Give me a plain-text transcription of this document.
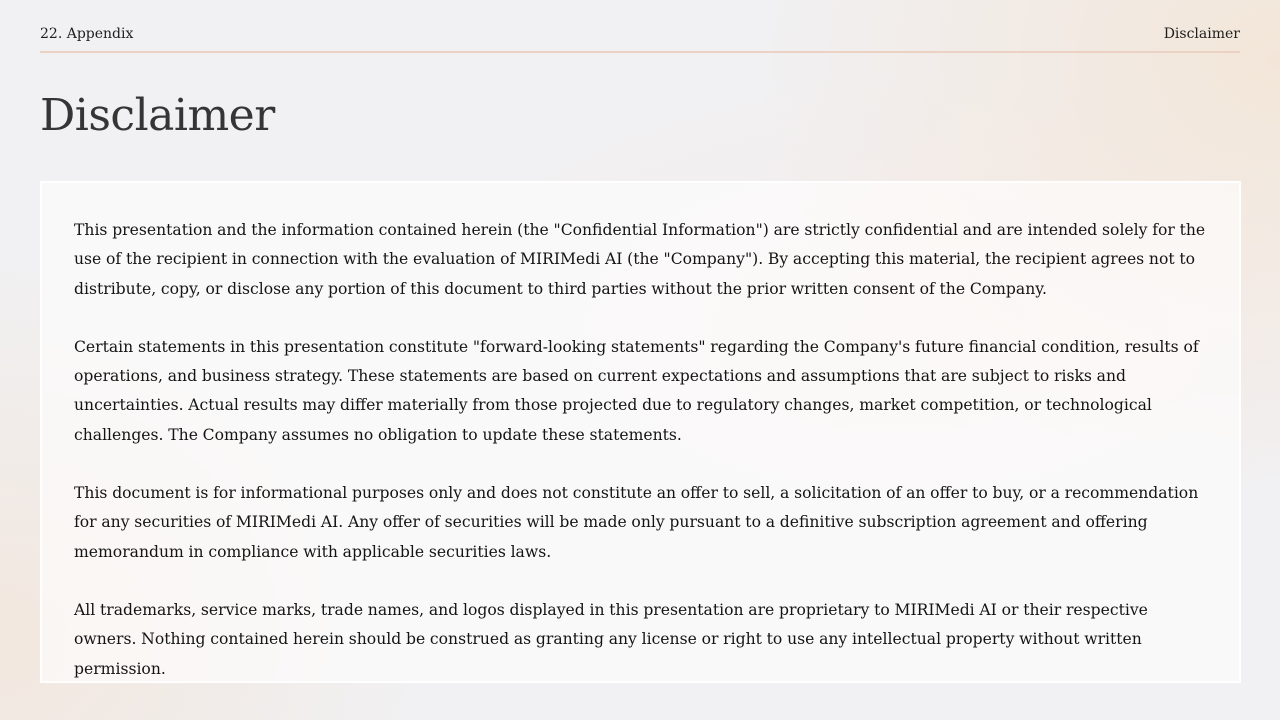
22. Appendix	Disclaimer
Disclaimer

This presentation and the information contained herein (the "Confidential Information") are strictly confidential and are intended solely for the use of the recipient in connection with the evaluation of MIRIMedi AI (the "Company"). By accepting this material, the recipient agrees not to distribute, copy, or disclose any portion of this document to third parties without the prior written consent of the Company.

Certain statements in this presentation constitute "forward-looking statements" regarding the Company's future financial condition, results of operations, and business strategy. These statements are based on current expectations and assumptions that are subject to risks and uncertainties. Actual results may differ materially from those projected due to regulatory changes, market competition, or technological challenges. The Company assumes no obligation to update these statements.

This document is for informational purposes only and does not constitute an offer to sell, a solicitation of an offer to buy, or a recommendation for any securities of MIRIMedi AI. Any offer of securities will be made only pursuant to a definitive subscription agreement and offering memorandum in compliance with applicable securities laws.

All trademarks, service marks, trade names, and logos displayed in this presentation are proprietary to MIRIMedi AI or their respective owners. Nothing contained herein should be construed as granting any license or right to use any intellectual property without written permission.
